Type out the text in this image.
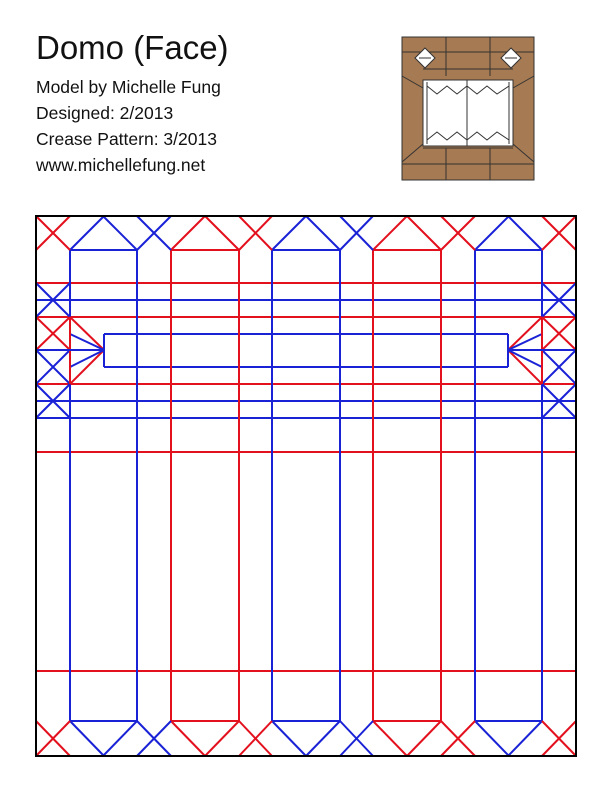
Domo (Face)

Model by Michelle Fung

Designed: 2/2013

Crease Pattern: 3/2013

www.michellefung.net
